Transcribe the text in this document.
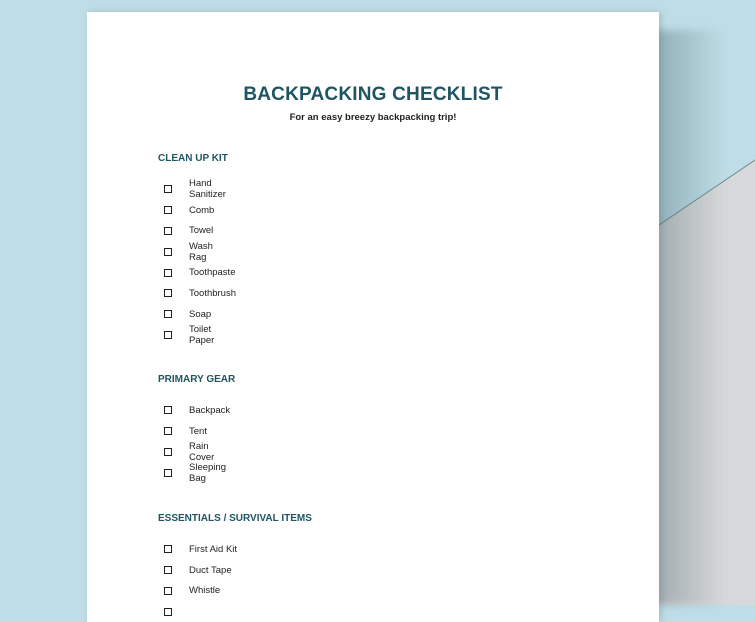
BACKPACKING CHECKLIST
For an easy breezy backpacking trip!
CLEAN UP KIT
Hand Sanitizer
Comb
Towel
Wash Rag
Toothpaste
Toothbrush
Soap
Toilet Paper
PRIMARY GEAR
Backpack
Tent
Rain Cover
Sleeping Bag
ESSENTIALS / SURVIVAL ITEMS
First Aid Kit
Duct Tape
Whistle
